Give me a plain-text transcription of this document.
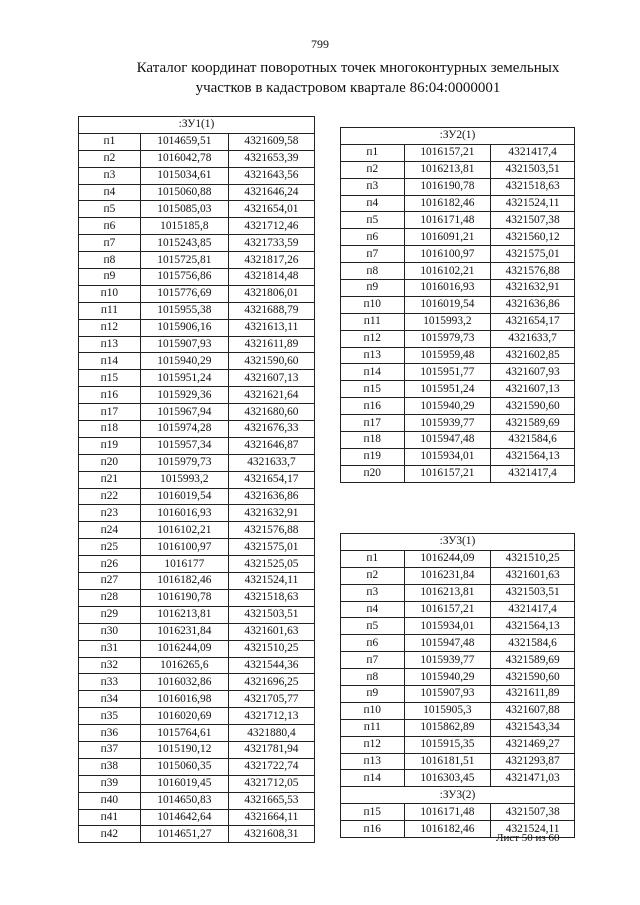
799
Каталог координат поворотных точек многоконтурных земельных
участков в кадастровом квартале 86:04:0000001
:ЗУ1(1)		
п1	1014659,51	4321609,58
п2	1016042,78	4321653,39
п3	1015034,61	4321643,56
п4	1015060,88	4321646,24
п5	1015085,03	4321654,01
п6	1015185,8	4321712,46
п7	1015243,85	4321733,59
п8	1015725,81	4321817,26
п9	1015756,86	4321814,48
п10	1015776,69	4321806,01
п11	1015955,38	4321688,79
п12	1015906,16	4321613,11
п13	1015907,93	4321611,89
п14	1015940,29	4321590,60
п15	1015951,24	4321607,13
п16	1015929,36	4321621,64
п17	1015967,94	4321680,60
п18	1015974,28	4321676,33
п19	1015957,34	4321646,87
п20	1015979,73	4321633,7
п21	1015993,2	4321654,17
п22	1016019,54	4321636,86
п23	1016016,93	4321632,91
п24	1016102,21	4321576,88
п25	1016100,97	4321575,01
п26	1016177	4321525,05
п27	1016182,46	4321524,11
п28	1016190,78	4321518,63
п29	1016213,81	4321503,51
п30	1016231,84	4321601,63
п31	1016244,09	4321510,25
п32	1016265,6	4321544,36
п33	1016032,86	4321696,25
п34	1016016,98	4321705,77
п35	1016020,69	4321712,13
п36	1015764,61	4321880,4
п37	1015190,12	4321781,94
п38	1015060,35	4321722,74
п39	1016019,45	4321712,05
п40	1014650,83	4321665,53
п41	1014642,64	4321664,11
п42	1014651,27	4321608,31
:ЗУ2(1)		
п1	1016157,21	4321417,4
п2	1016213,81	4321503,51
п3	1016190,78	4321518,63
п4	1016182,46	4321524,11
п5	1016171,48	4321507,38
п6	1016091,21	4321560,12
п7	1016100,97	4321575,01
п8	1016102,21	4321576,88
п9	1016016,93	4321632,91
п10	1016019,54	4321636,86
п11	1015993,2	4321654,17
п12	1015979,73	4321633,7
п13	1015959,48	4321602,85
п14	1015951,77	4321607,93
п15	1015951,24	4321607,13
п16	1015940,29	4321590,60
п17	1015939,77	4321589,69
п18	1015947,48	4321584,6
п19	1015934,01	4321564,13
п20	1016157,21	4321417,4
:ЗУ3(1)		
п1	1016244,09	4321510,25
п2	1016231,84	4321601,63
п3	1016213,81	4321503,51
п4	1016157,21	4321417,4
п5	1015934,01	4321564,13
п6	1015947,48	4321584,6
п7	1015939,77	4321589,69
п8	1015940,29	4321590,60
п9	1015907,93	4321611,89
п10	1015905,3	4321607,88
п11	1015862,89	4321543,34
п12	1015915,35	4321469,27
п13	1016181,51	4321293,87
п14	1016303,45	4321471,03
:ЗУ3(2)		
п15	1016171,48	4321507,38
п16	1016182,46	4321524,11
Лист 50 из 60
